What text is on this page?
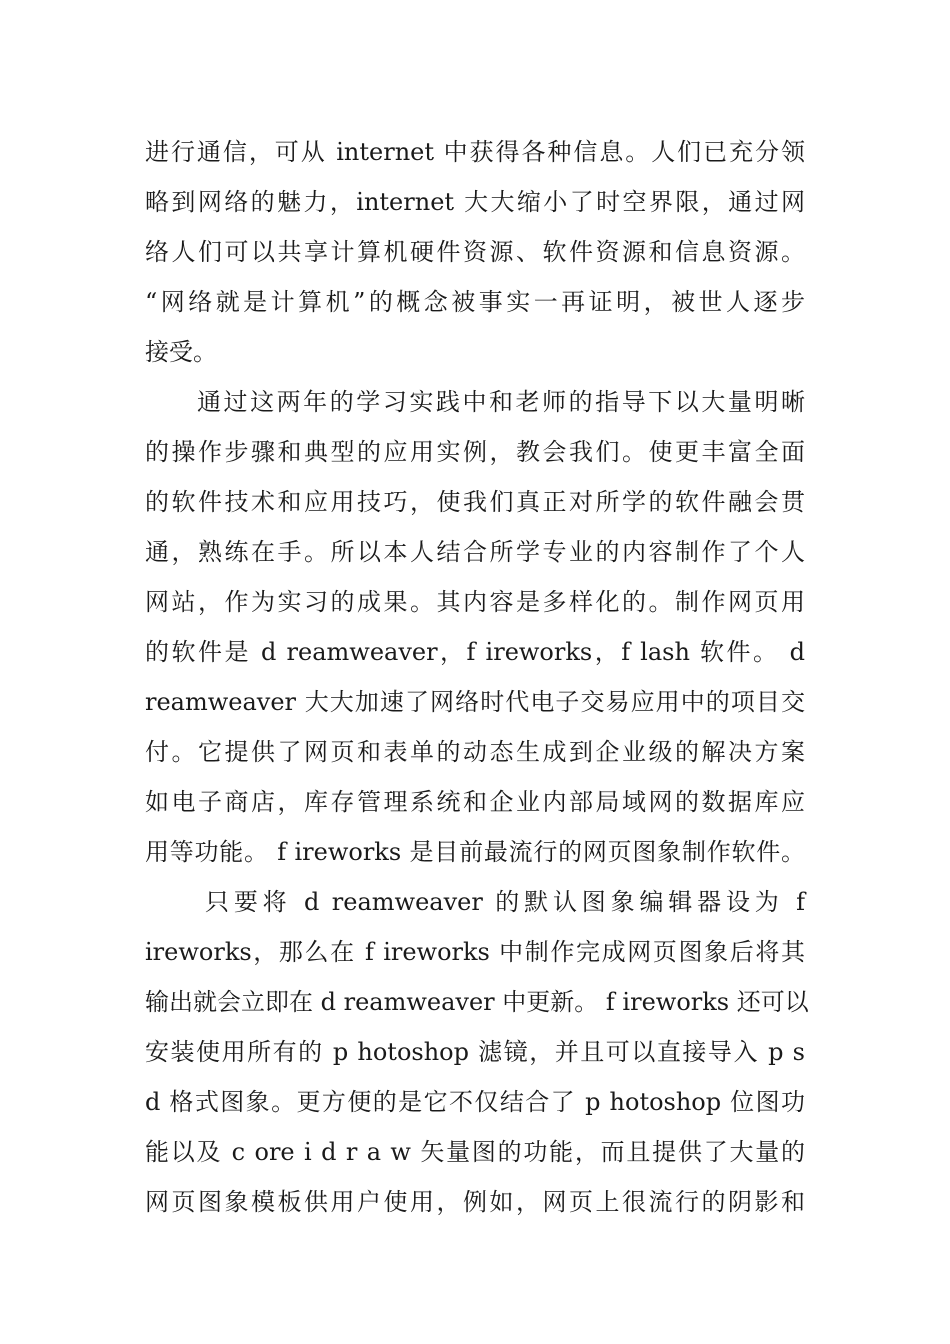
进行通信，可从 internet 中获得各种信息。人们已充分领
略到网络的魅力，internet 大大缩小了时空界限，通过网
络人们可以共享计算机硬件资源、软件资源和信息资源。
“网络就是计算机”的概念被事实一再证明，被世人逐步
接受。
通过这两年的学习实践中和老师的指导下以大量明晰
的操作步骤和典型的应用实例，教会我们。使更丰富全面
的软件技术和应用技巧，使我们真正对所学的软件融会贯
通，熟练在手。所以本人结合所学专业的内容制作了个人
网站，作为实习的成果。其内容是多样化的。制作网页用
的软件是 d reamweaver，f ireworks，f lash 软件。 d
reamweaver 大大加速了网络时代电子交易应用中的项目交
付。它提供了网页和表单的动态生成到企业级的解决方案
如电子商店，库存管理系统和企业内部局域网的数据库应
用等功能。 f ireworks 是目前最流行的网页图象制作软件。
只要将 d reamweaver 的默认图象编辑器设为 f
ireworks，那么在 f ireworks 中制作完成网页图象后将其
输出就会立即在 d reamweaver 中更新。 f ireworks 还可以
安装使用所有的 p hotoshop 滤镜，并且可以直接导入 p s
d 格式图象。更方便的是它不仅结合了 p hotoshop 位图功
能以及 c ore i d r a w 矢量图的功能，而且提供了大量的
网页图象模板供用户使用，例如，网页上很流行的阴影和
